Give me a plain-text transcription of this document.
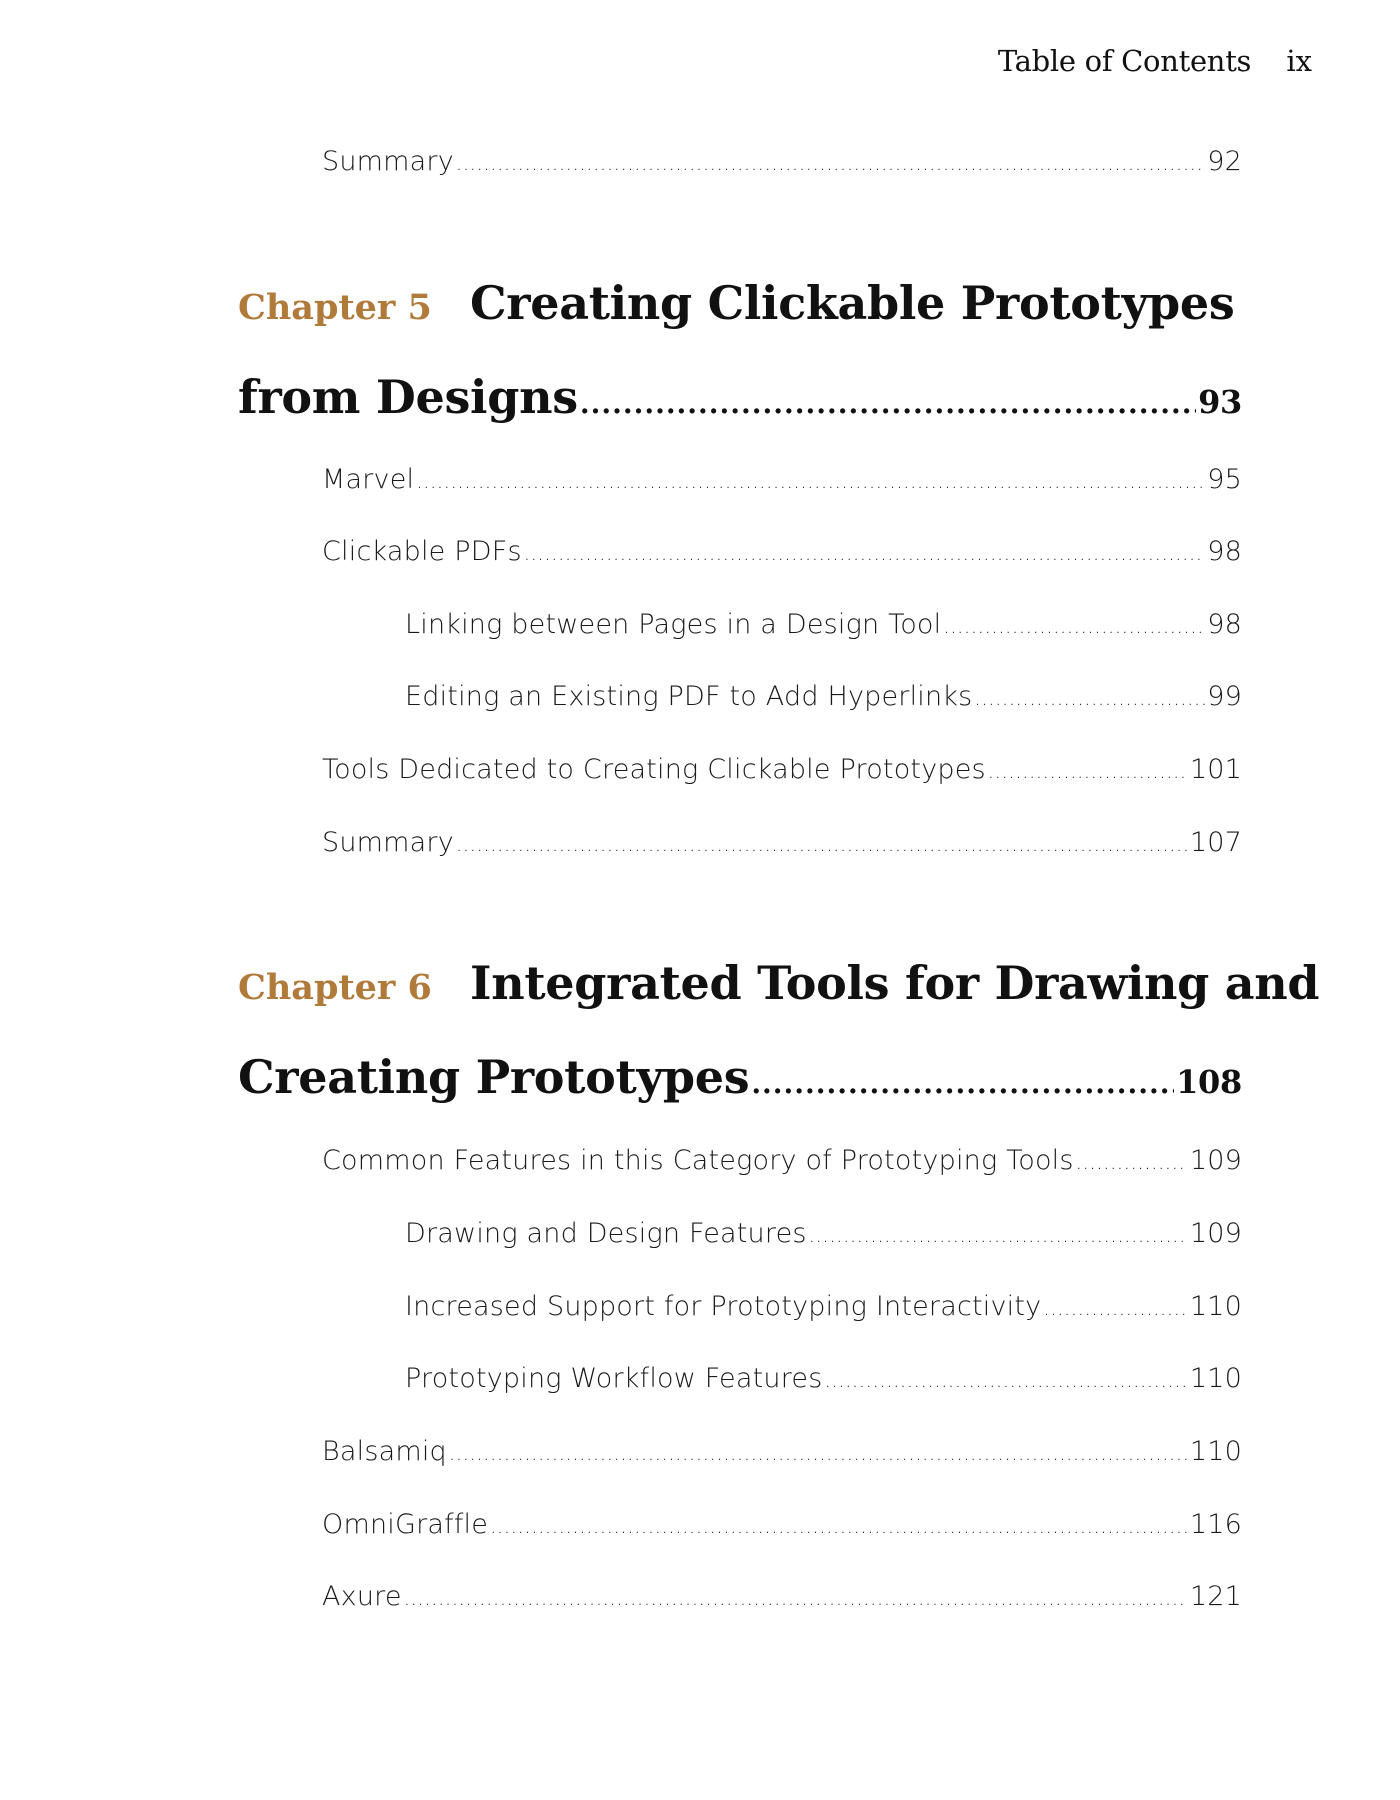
Table of Contents ix
Summary .....	92
Chapter 5 Creating Clickable Prototypes
from Designs .....	93
Marvel .....	95
Clickable PDFs .....	98
Linking between Pages in a Design Tool .....	98
Editing an Existing PDF to Add Hyperlinks .....	99
Tools Dedicated to Creating Clickable Prototypes .....	101
Summary .....	107
Chapter 6 Integrated Tools for Drawing and
Creating Prototypes .....	108
Common Features in this Category of Prototyping Tools .....	109
Drawing and Design Features .....	109
Increased Support for Prototyping Interactivity .....	110
Prototyping Workflow Features .....	110
Balsamiq .....	110
OmniGraffle .....	116
Axure .....	121
